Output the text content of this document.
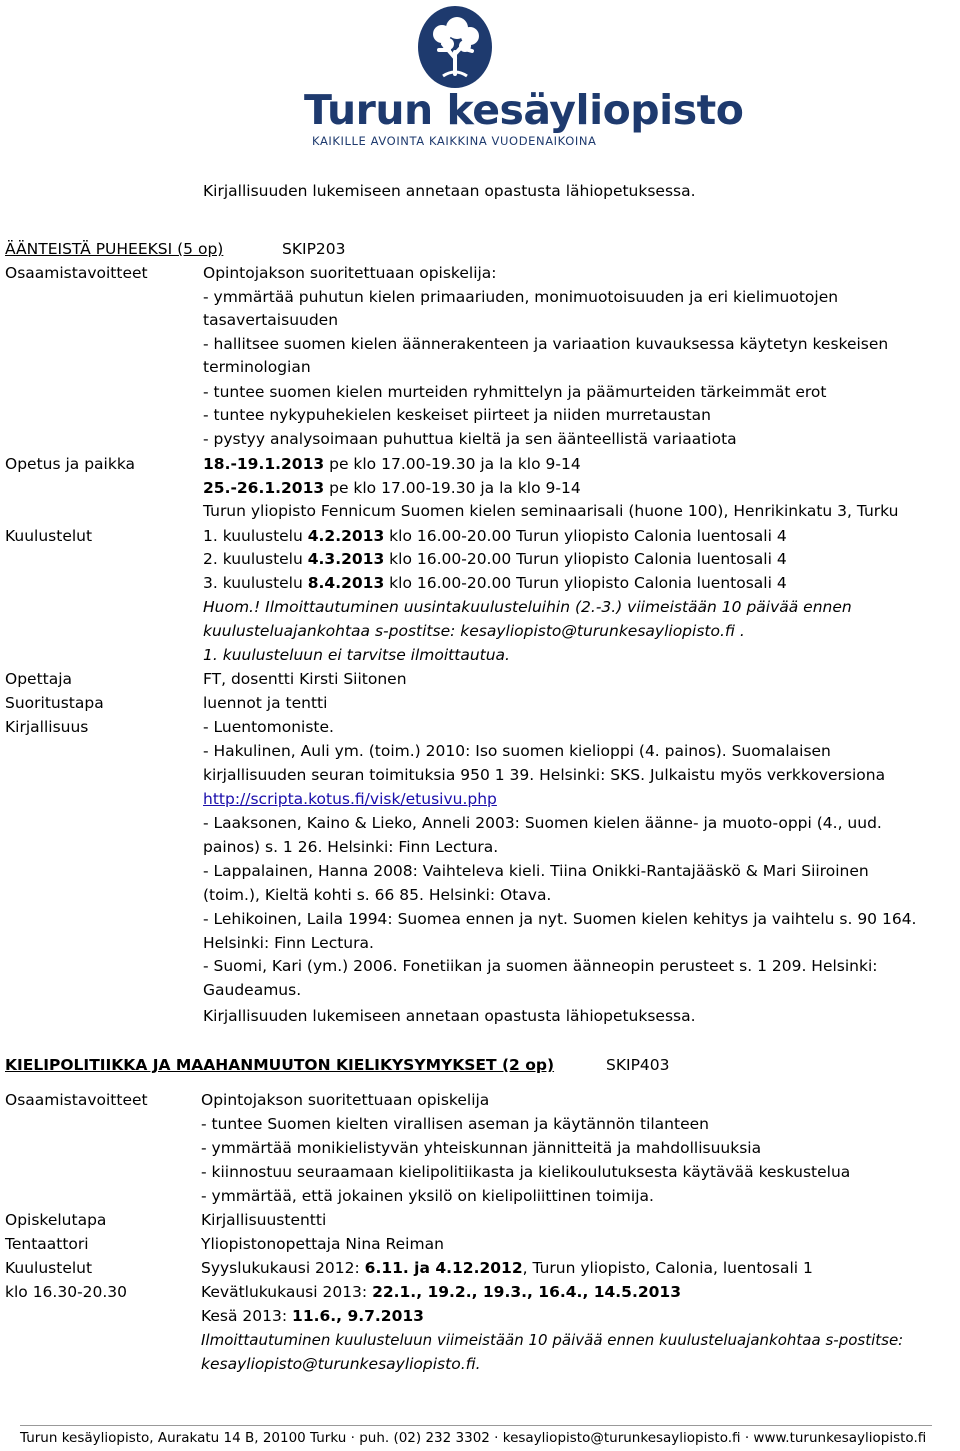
Turun kesäyliopisto
KAIKILLE AVOINTA KAIKKINA VUODENAIKOINA
Kirjallisuuden lukemiseen annetaan opastusta lähiopetuksessa.
ÄÄNTEISTÄ PUHEEKSI (5 op)	SKIP203
Osaamistavoitteet	Opintojakson suoritettuaan opiskelija:
- ymmärtää puhutun kielen primaariuden, monimuotoisuuden ja eri kielimuotojen
tasavertaisuuden
- hallitsee suomen kielen äännerakenteen ja variaation kuvauksessa käytetyn keskeisen
terminologian
- tuntee suomen kielen murteiden ryhmittelyn ja päämurteiden tärkeimmät erot
- tuntee nykypuhekielen keskeiset piirteet ja niiden murretaustan
- pystyy analysoimaan puhuttua kieltä ja sen äänteellistä variaatiota
Opetus ja paikka	18.-19.1.2013 pe klo 17.00-19.30 ja la klo 9-14
25.-26.1.2013 pe klo 17.00-19.30 ja la klo 9-14
Turun yliopisto Fennicum Suomen kielen seminaarisali (huone 100), Henrikinkatu 3, Turku
Kuulustelut	1. kuulustelu 4.2.2013 klo 16.00-20.00 Turun yliopisto Calonia luentosali 4
2. kuulustelu 4.3.2013 klo 16.00-20.00 Turun yliopisto Calonia luentosali 4
3. kuulustelu 8.4.2013 klo 16.00-20.00 Turun yliopisto Calonia luentosali 4
Huom.! Ilmoittautuminen uusintakuulusteluihin (2.-3.) viimeistään 10 päivää ennen
kuulusteluajankohtaa s-postitse: kesayliopisto@turunkesayliopisto.fi .
1. kuulusteluun ei tarvitse ilmoittautua.
Opettaja	FT, dosentti Kirsti Siitonen
Suoritustapa	luennot ja tentti
Kirjallisuus	- Luentomoniste.
- Hakulinen, Auli ym. (toim.) 2010: Iso suomen kielioppi (4. painos). Suomalaisen
kirjallisuuden seuran toimituksia 950 1 39. Helsinki: SKS. Julkaistu myös verkkoversiona
http://scripta.kotus.fi/visk/etusivu.php
- Laaksonen, Kaino & Lieko, Anneli 2003: Suomen kielen äänne- ja muoto-oppi (4., uud.
painos) s. 1 26. Helsinki: Finn Lectura.
- Lappalainen, Hanna 2008: Vaihteleva kieli. Tiina Onikki-Rantajääskö & Mari Siiroinen
(toim.), Kieltä kohti s. 66 85. Helsinki: Otava.
- Lehikoinen, Laila 1994: Suomea ennen ja nyt. Suomen kielen kehitys ja vaihtelu s. 90 164.
Helsinki: Finn Lectura.
- Suomi, Kari (ym.) 2006. Fonetiikan ja suomen äänneopin perusteet s. 1 209. Helsinki:
Gaudeamus.
Kirjallisuuden lukemiseen annetaan opastusta lähiopetuksessa.
KIELIPOLITIIKKA JA MAAHANMUUTON KIELIKYSYMYKSET (2 op)	SKIP403
Osaamistavoitteet	Opintojakson suoritettuaan opiskelija
- tuntee Suomen kielten virallisen aseman ja käytännön tilanteen
- ymmärtää monikielistyvän yhteiskunnan jännitteitä ja mahdollisuuksia
- kiinnostuu seuraamaan kielipolitiikasta ja kielikoulutuksesta käytävää keskustelua
- ymmärtää, että jokainen yksilö on kielipoliittinen toimija.
Opiskelutapa	Kirjallisuustentti
Tentaattori	Yliopistonopettaja Nina Reiman
Kuulustelut	Syyslukukausi 2012: 6.11. ja 4.12.2012, Turun yliopisto, Calonia, luentosali 1
klo 16.30-20.30	Kevätlukukausi 2013: 22.1., 19.2., 19.3., 16.4., 14.5.2013
Kesä 2013: 11.6., 9.7.2013
Ilmoittautuminen kuulusteluun viimeistään 10 päivää ennen kuulusteluajankohtaa s-postitse:
kesayliopisto@turunkesayliopisto.fi.
Turun kesäyliopisto, Aurakatu 14 B, 20100 Turku · puh. (02) 232 3302 · kesayliopisto@turunkesayliopisto.fi · www.turunkesayliopisto.fi
